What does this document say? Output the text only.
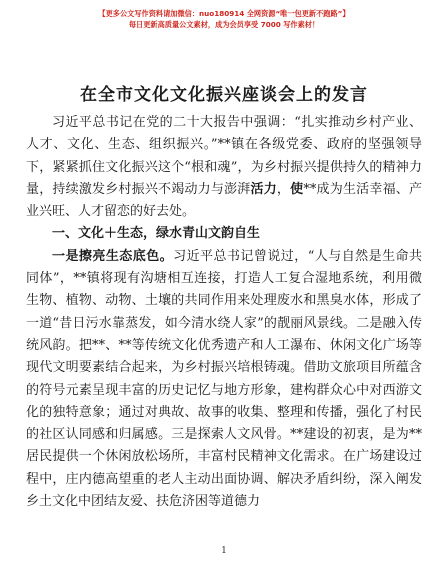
【更多公文写作资料请加微信：nuo180914 全网资源“唯一包更新不跑路”】
每日更新高质量公文素材，成为会员享受 7000 写作素材！
在全市文化文化振兴座谈会上的发言

习近平总书记在党的二十大报告中强调：“扎实推动乡村产业、人才、文化、生态、组织振兴。”**镇在各级党委、政府的坚强领导下，紧紧抓住文化振兴这个“根和魂”，为乡村振兴提供持久的精神力量，持续激发乡村振兴不竭动力与澎湃活力，使**成为生活幸福、产业兴旺、人才留恋的好去处。

一、文化＋生态，绿水青山文韵自生

一是擦亮生态底色。习近平总书记曾说过，“人与自然是生命共同体”，**镇将现有沟塘相互连接，打造人工复合湿地系统，利用微生物、植物、动物、土壤的共同作用来处理废水和黑臭水体，形成了一道“昔日污水靠蒸发，如今清水绕人家”的靓丽风景线。二是融入传统风韵。把**、**等传统文化优秀遗产和人工瀑布、休闲文化广场等现代文明要素结合起来，为乡村振兴培根铸魂。借助文旅项目所蕴含的符号元素呈现丰富的历史记忆与地方形象，建构群众心中对西游文化的独特意象；通过对典故、故事的收集、整理和传播，强化了村民的社区认同感和归属感。三是探索人文风骨。**建设的初衷，是为**居民提供一个休闲放松场所，丰富村民精神文化需求。在广场建设过程中，庄内德高望重的老人主动出面协调、解决矛盾纠纷，深入阐发乡土文化中团结友爱、扶危济困等道德力

1
